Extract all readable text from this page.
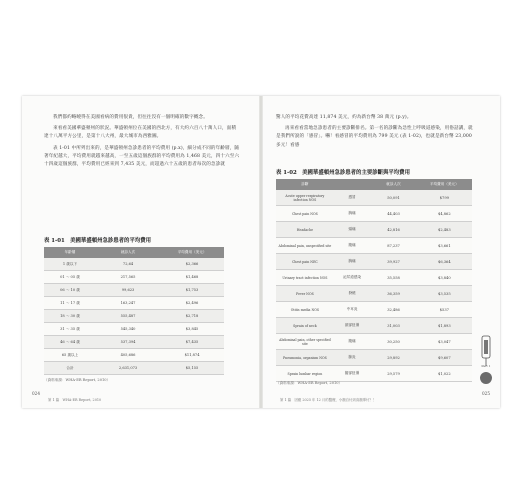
我們都約略曉得在美國看病的費用很貴，但往往沒有一個明確的數字概念。

來看看美國華盛頓州的狀況。華盛頓州位在美國的西北方，有大約六百八十萬人口，面積達十八萬平方公里，是第十八大州，最大城市為西雅圖。

表 1-01 中所列出來的，是華盛頓州急診患者的平均費用 (p.x)，細分成不同的年齡層，隨著年紀越大，平均費用就越來越高，一至五歲這個族群的平均費用為 1,468 美元，四十六至六十四歲這個族群，平均費用已經來到 7,435 美元，而超過六十五歲的患者每次的急診就

表 1-01　美國華盛頓州急診患者的平均費用
年齡層	就診人次	平均費用（美元）
1 歲以下	72,64	$2,366
01 ～ 05 歲	217,565	$1,468
06 ～ 10 歲	99,623	$1,753
11 ～ 17 歲	163,247	$2,496
18 ～ 30 歲	555,487	$2,718
31 ～ 35 歲	545,340	$3,845
46 ～ 64 歲	537,394	$7,435
65 歲以上	405,686	$11,874
合計	2,631,073	$5,155
（資料來源：WHA-ER Report, 2010）
024
第 1 篇　WHA-ER Report, 2010

驚人的平均花費高達 11,874 美元，約為新台幣 38 萬元 (p.y)。

再來看看當地急診患者的主要診斷排名。第一名的診斷為急性上呼吸道感染，用俗話講，就是我們所說的「感冒」。嚇！看感冒的平均費用為 799 美元 (表 1-02)，也就是新台幣 23,000 多元！看感

表 1-02　美國華盛頓州急診患者的主要診斷與平均費用
診斷		就診人次	平均費用（美元）
Acute upper respiratory infection NOS	感冒	50,091	$799
Chest pain NOS	胸痛	44,403	$4,862
Headache	頭痛	42,816	$2,483
Abdominal pain, unspecified site	腹痛	87,237	$3,661
Chest pain NEC	胸痛	39,927	$6,364
Urinary tract infection NOS	泌尿道感染	35,558	$3,840
Fever NOS	發燒	36,359	$3,535
Otitis media NOS	中耳炎	32,486	$537
Sprain of neck	頸部扭傷	31,003	$1,893
Abdominal pain, other specified site	腹痛	30,250	$3,047
Pneumonia, organism NOS	肺炎	29,892	$9,607
Sprain lumbar region	腰部扭傷	29,579	$1,022
（資料來源：WHA-ER Report, 2010）
第 1 篇　因應 2025 年 12 月的醫療，小額自付到高額專付？！
025
Part 1
